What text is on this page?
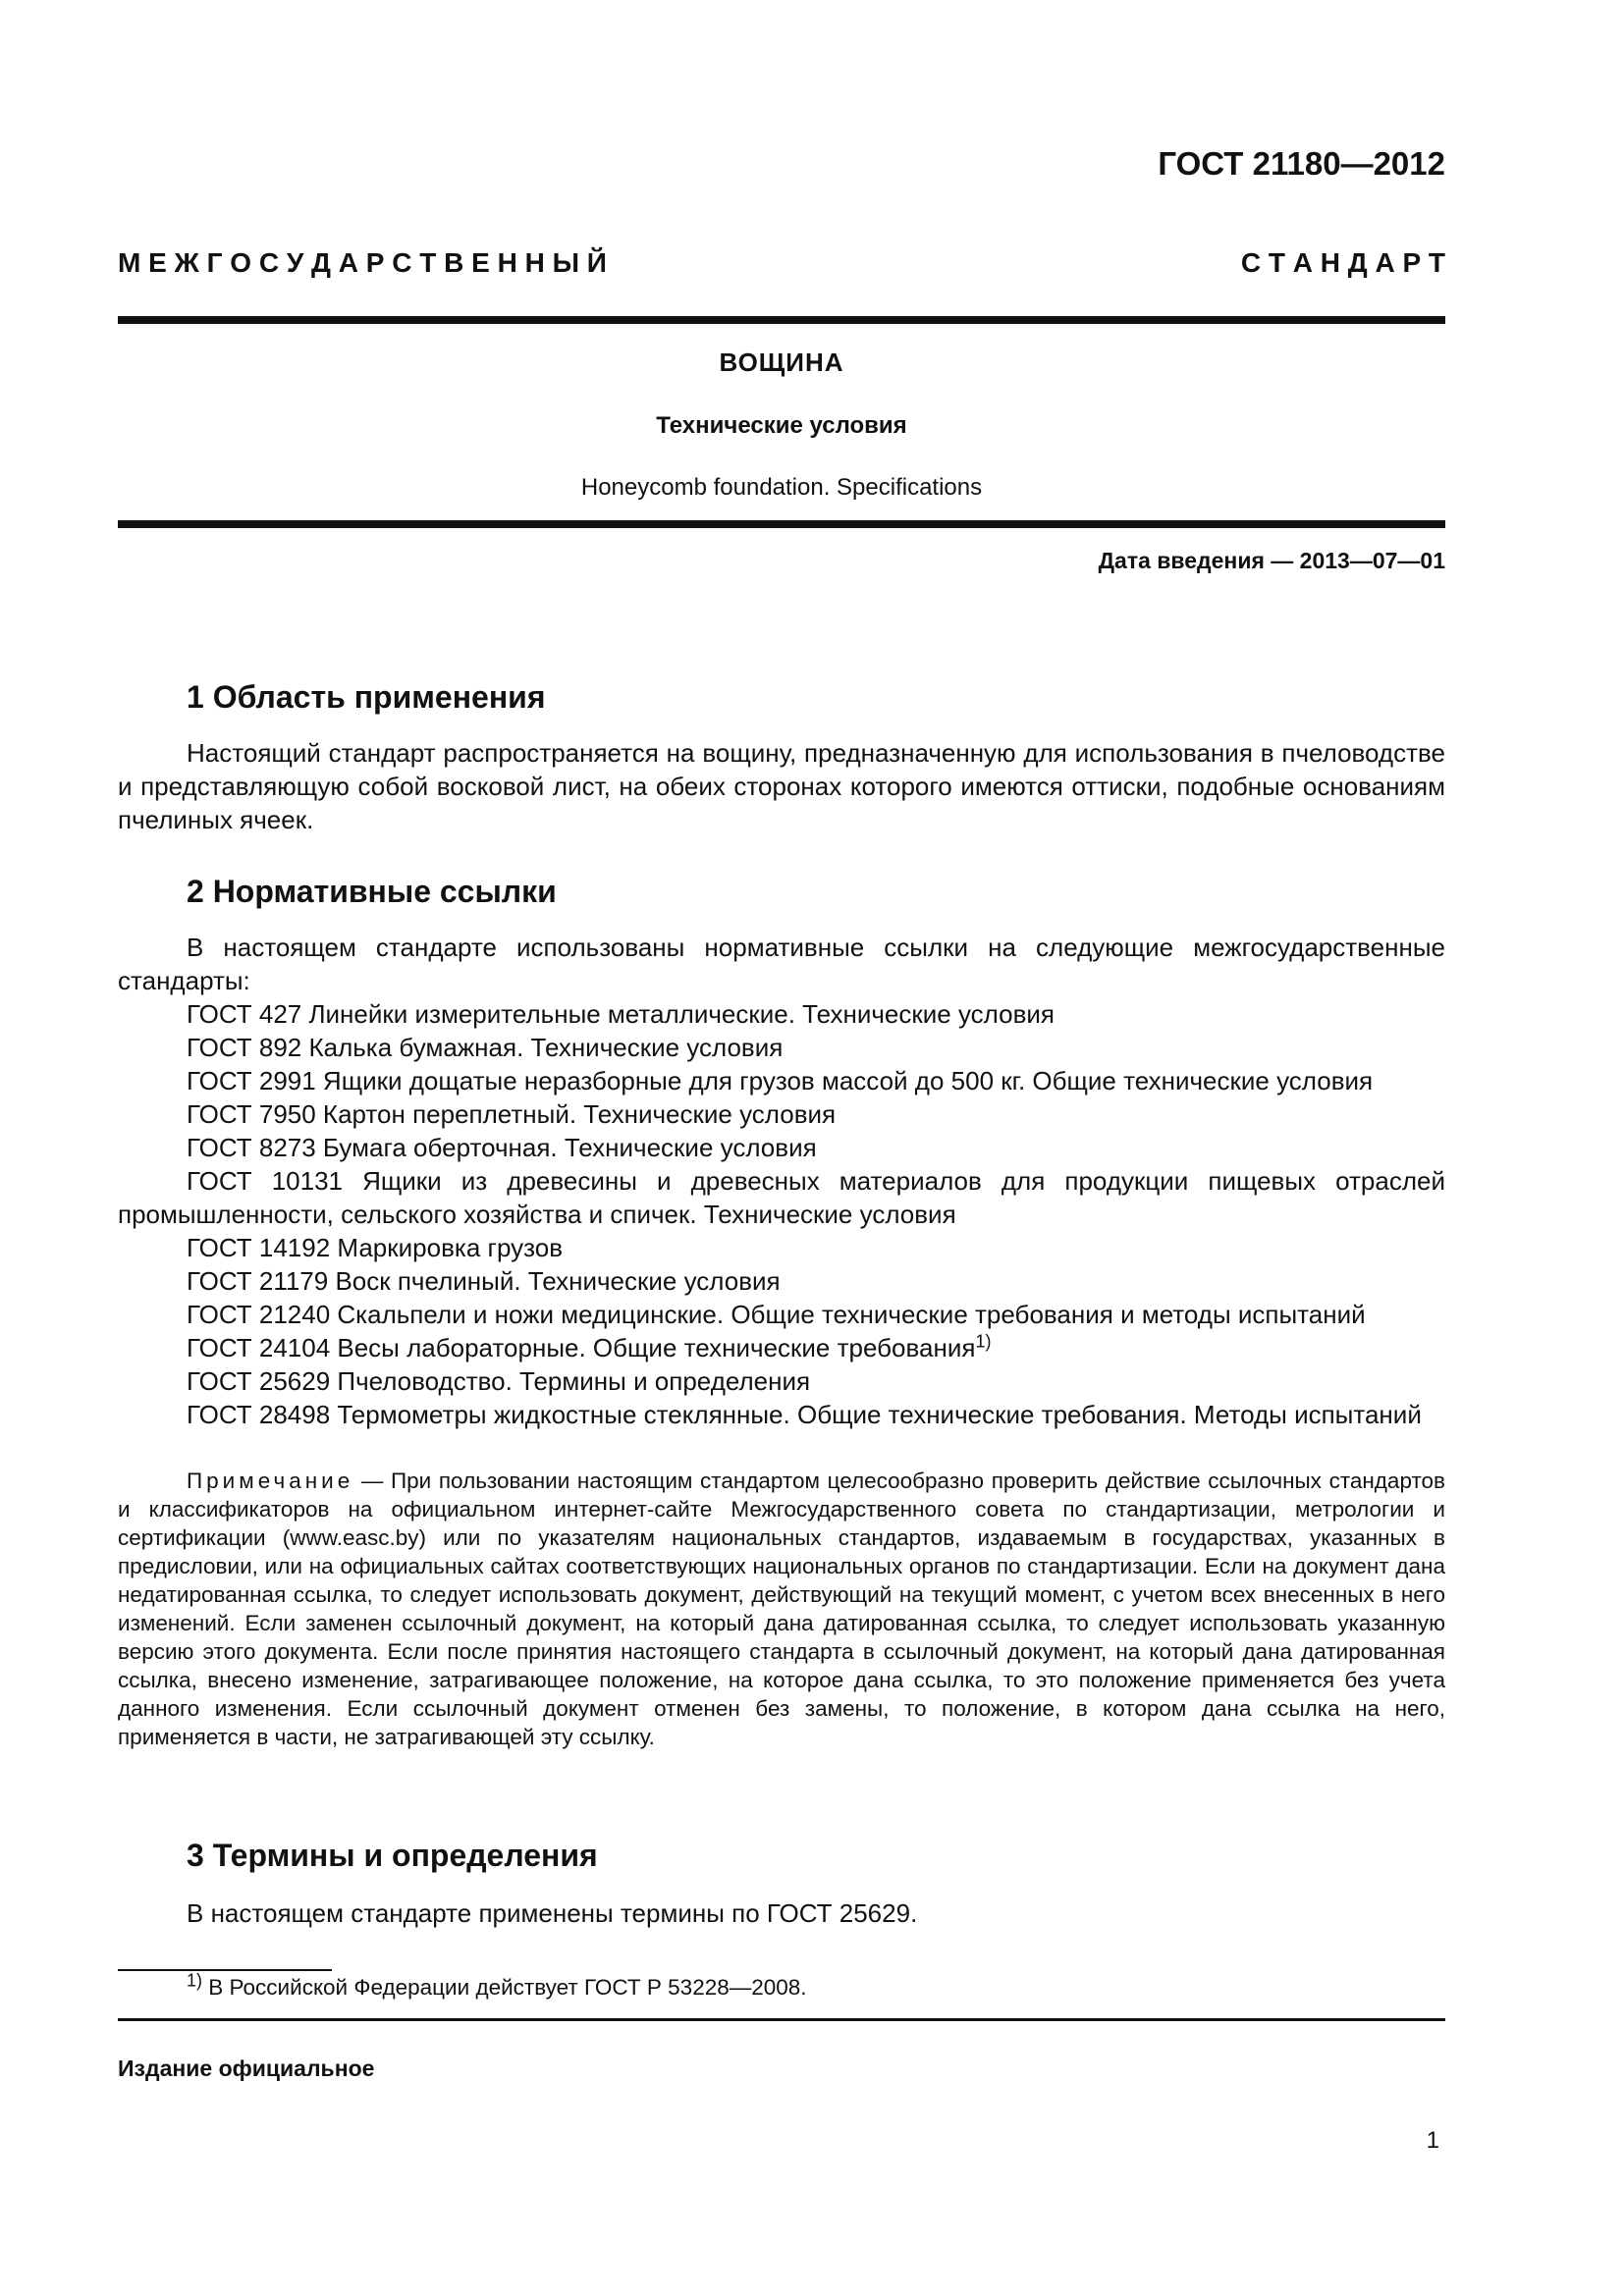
ГОСТ 21180—2012
М Е Ж Г О С У Д А Р С Т В Е Н Н Ы Й	С Т А Н Д А Р Т
ВОЩИНА
Технические условия
Honeycomb foundation. Specifications
Дата введения — 2013—07—01
1 Область применения

Настоящий стандарт распространяется на вощину, предназначенную для использования в пчеловодстве и представляющую собой восковой лист, на обеих сторонах которого имеются оттиски, подобные основаниям пчелиных ячеек.

2 Нормативные ссылки

В настоящем стандарте использованы нормативные ссылки на следующие межгосударственные стандарты:

ГОСТ 427 Линейки измерительные металлические. Технические условия

ГОСТ 892 Калька бумажная. Технические условия

ГОСТ 2991 Ящики дощатые неразборные для грузов массой до 500 кг. Общие технические условия

ГОСТ 7950 Картон переплетный. Технические условия

ГОСТ 8273 Бумага оберточная. Технические условия

ГОСТ 10131 Ящики из древесины и древесных материалов для продукции пищевых отраслей промышленности, сельского хозяйства и спичек. Технические условия

ГОСТ 14192 Маркировка грузов

ГОСТ 21179 Воск пчелиный. Технические условия

ГОСТ 21240 Скальпели и ножи медицинские. Общие технические требования и методы испытаний

ГОСТ 24104 Весы лабораторные. Общие технические требования$^{1)}$

ГОСТ 25629 Пчеловодство. Термины и определения

ГОСТ 28498 Термометры жидкостные стеклянные. Общие технические требования. Методы испытаний

Примечание — При пользовании настоящим стандартом целесообразно проверить действие ссылочных стандартов и классификаторов на официальном интернет-сайте Межгосударственного совета по стандартизации, метрологии и сертификации (www.easc.by) или по указателям национальных стандартов, издаваемым в государствах, указанных в предисловии, или на официальных сайтах соответствующих национальных органов по стандартизации. Если на документ дана недатированная ссылка, то следует использовать документ, действующий на текущий момент, с учетом всех внесенных в него изменений. Если заменен ссылочный документ, на который дана датированная ссылка, то следует использовать указанную версию этого документа. Если после принятия настоящего стандарта в ссылочный документ, на который дана датированная ссылка, внесено изменение, затрагивающее положение, на которое дана ссылка, то это положение применяется без учета данного изменения. Если ссылочный документ отменен без замены, то положение, в котором дана ссылка на него, применяется в части, не затрагивающей эту ссылку.

3 Термины и определения

В настоящем стандарте применены термины по ГОСТ 25629.

$^{1)}$ В Российской Федерации действует ГОСТ Р 53228—2008.
Издание официальное
1
